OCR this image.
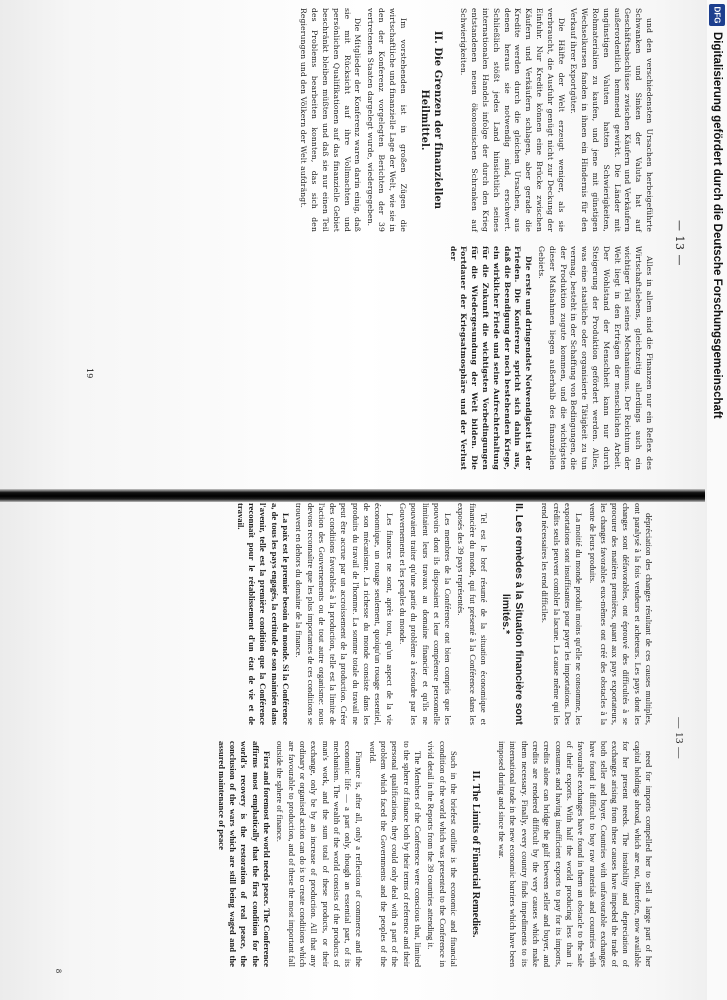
— 13 —

dépréciation des changes résultant de ces causes multiples, ont paralysé à la fois vendeurs et acheteurs. Les pays dont les changes sont défavorables, ont éprouvé des difficultés à se procurer des matières premières, quant aux pays exportateurs, les changes favorables eux-mêmes ont créé des obstacles à la vente de leurs produits.

La moitié du monde produit moins qu'elle ne consomme, les exportations sont insuffisantes pour payer les importations. Des crédits seuls peuvent combler la lacune. La cause même qui les rend nécessaires les rend difficiles.

II. Les remèdes à la Situation financière sont limités.*

Tel est le bref résumé de la situation économique et financière du monde, qui fut présenté à la Conférence dans les exposés des 39 pays représentés.

Les membres de la Conférence ont bien compris que les pouvoirs dont ils disposaient et leur compétence personnelle limitaient leurs travaux au domaine financier et qu'ils ne pouvaient traiter qu'une partie du problème à résoudre par les Gouvernements et les peuples du monde.

Les finances ne sont, après tout, qu'un aspect de la vie économique, un rouage seulement, quoiqu'un rouage essentiel, de son mécanisme. La richesse du monde consiste dans les produits du travail de l'homme. La somme totale du travail ne peut être accrue par un accroissement de la production. Créer des conditions favorables à la production, telle est la limite de l'action des Gouvernements ou de tout autre organisme: nous devons reconnaître que les plus importantes de ces conditions se trouvent en dehors du domaine de la finance.

La paix est le premier besoin du monde. Si la Conférence a, de tous les pays engagés, la certitude de son maintien dans l'avenir, telle est la première condition que la Conférence reconnaît pour le rétablissement d'un état de vie et de travail.

need for imports compelled her to sell a large part of her capital holdings abroad, which are not, therefore, now available for her present needs. The instability and depreciation of exchanges arising from these causes have impeded the trade of both seller and buyer. Countries with unfavourable exchanges have found it difficult to buy raw materials and countries with favourable exchanges have found in them an obstacle to the sale of their exports. With half the world producing less than it consumes and having insufficient exports to pay for its imports, credits alone can bridge the gulf between seller and buyer, and credits are rendered difficult by the very causes which make them necessary. Finally, every country finds impediments to its international trade in the new economic barriers which have been imposed during and since the war.

II. The Limits of Financial Remedies.

Such in the briefest outline is the economic and financial condition of the world which was presented to the Conference in vivid detail in the Reports from the 39 countries attending it.

The Members of the Conference were conscious that, limited to the sphere of finance both by their terms of reference and their personal qualifications, they could only deal with a part of the problem which faced the Governments and the peoples of the world.

Finance is, after all, only a reflection of commerce and the economic life — a part only, though an essential part, of its mechanism. The wealth of the world consists of the products of man's work, and the sum total of these products, or their exchange, only be by an increase of production. All that any ordinary or organised action can do is to create conditions which are favourable to production, and of these the most important fall outside the sphere of finance.

First and foremost the world needs peace. The Conference affirms most emphatically that the first condition for the world's recovery is the restoration of real peace, the conclusion of the wars which are still being waged and the assured maintenance of peace

8
— 13 —

und den verschiedensten Ursachen herbeigeführte Schwanken und Sinken der Valuta hat auf Geschäftsabschlüsse zwischen Käufern und Verkäufern außerordentlich hemmend gewirkt. Die Länder mit ungünstigen Valuten hatten Schwierigkeiten, Rohmaterialien zu kaufen, und jene mit günstigen Wechselkursen fanden in ihnen ein Hindernis für den Verkauf ihrer Exportgüter.

Die Hälfte der Welt erzeugt weniger, als sie verbraucht, die Ausfuhr genügt nicht zur Deckung der Einfuhr. Nur Kredite können eine Brücke zwischen Käufern und Verkäufern schlagen, aber gerade die Kredite werden durch die gleichen Ursachen, aus denen heraus sie notwendig sind, erschwert. Schließlich stößt jedes Land hinsichtlich seines internationalen Handels infolge der durch den Krieg entstandenen neuen ökonomischen Schranken auf Schwierigkeiten.

II. Die Grenzen der finanziellen Heilmittel.

Im vorstehenden ist in großen Zügen die wirtschaftliche und finanzielle Lage der Welt, wie sie in den der Konferenz vorgelegten Berichten der 39 vertretenen Staaten dargelegt wurde, wiedergegeben.

Die Mitglieder der Konferenz waren darin einig, daß sie mit Rücksicht auf ihre Vollmachten und persönlichen Qualifikationen auf das finanzielle Gebiet beschränkt bleiben müßten und daß sie nur einen Teil des Problems bearbeiten konnten, das sich den Regierungen und den Völkern der Welt aufdrängt.

Alles in allem sind die Finanzen nur ein Reflex des Wirtschaftslebens, gleichzeitig allerdings auch ein wichtiger Teil seines Mechanismus. Der Reichtum der Welt liegt in den Erträgen der menschlichen Arbeit. Der Wohlstand der Menschheit kann nur durch Steigerung der Produktion gefördert werden. Alles, was eine staatliche oder organisierte Tätigkeit zu tun vermag, besteht in der Schaffung von Bedingungen, die der Produktion zugute kommen, und die wichtigsten dieser Maßnahmen liegen außerhalb des finanziellen Gebiets.

Die erste und dringendste Notwendigkeit ist der Frieden. Die Konferenz spricht sich dahin aus, daß die Beendigung der noch bestehenden Kriege, ein wirklicher Friede und seine Aufrechterhaltung für die Zukunft die wichtigsten Vorbedingungen für die Wiedergesundung der Welt bilden. Die Fortdauer der Kriegsatmosphäre und der Verlust der

19
DFG
Digitalisierung gefördert durch die Deutsche Forschungsgemeinschaft
